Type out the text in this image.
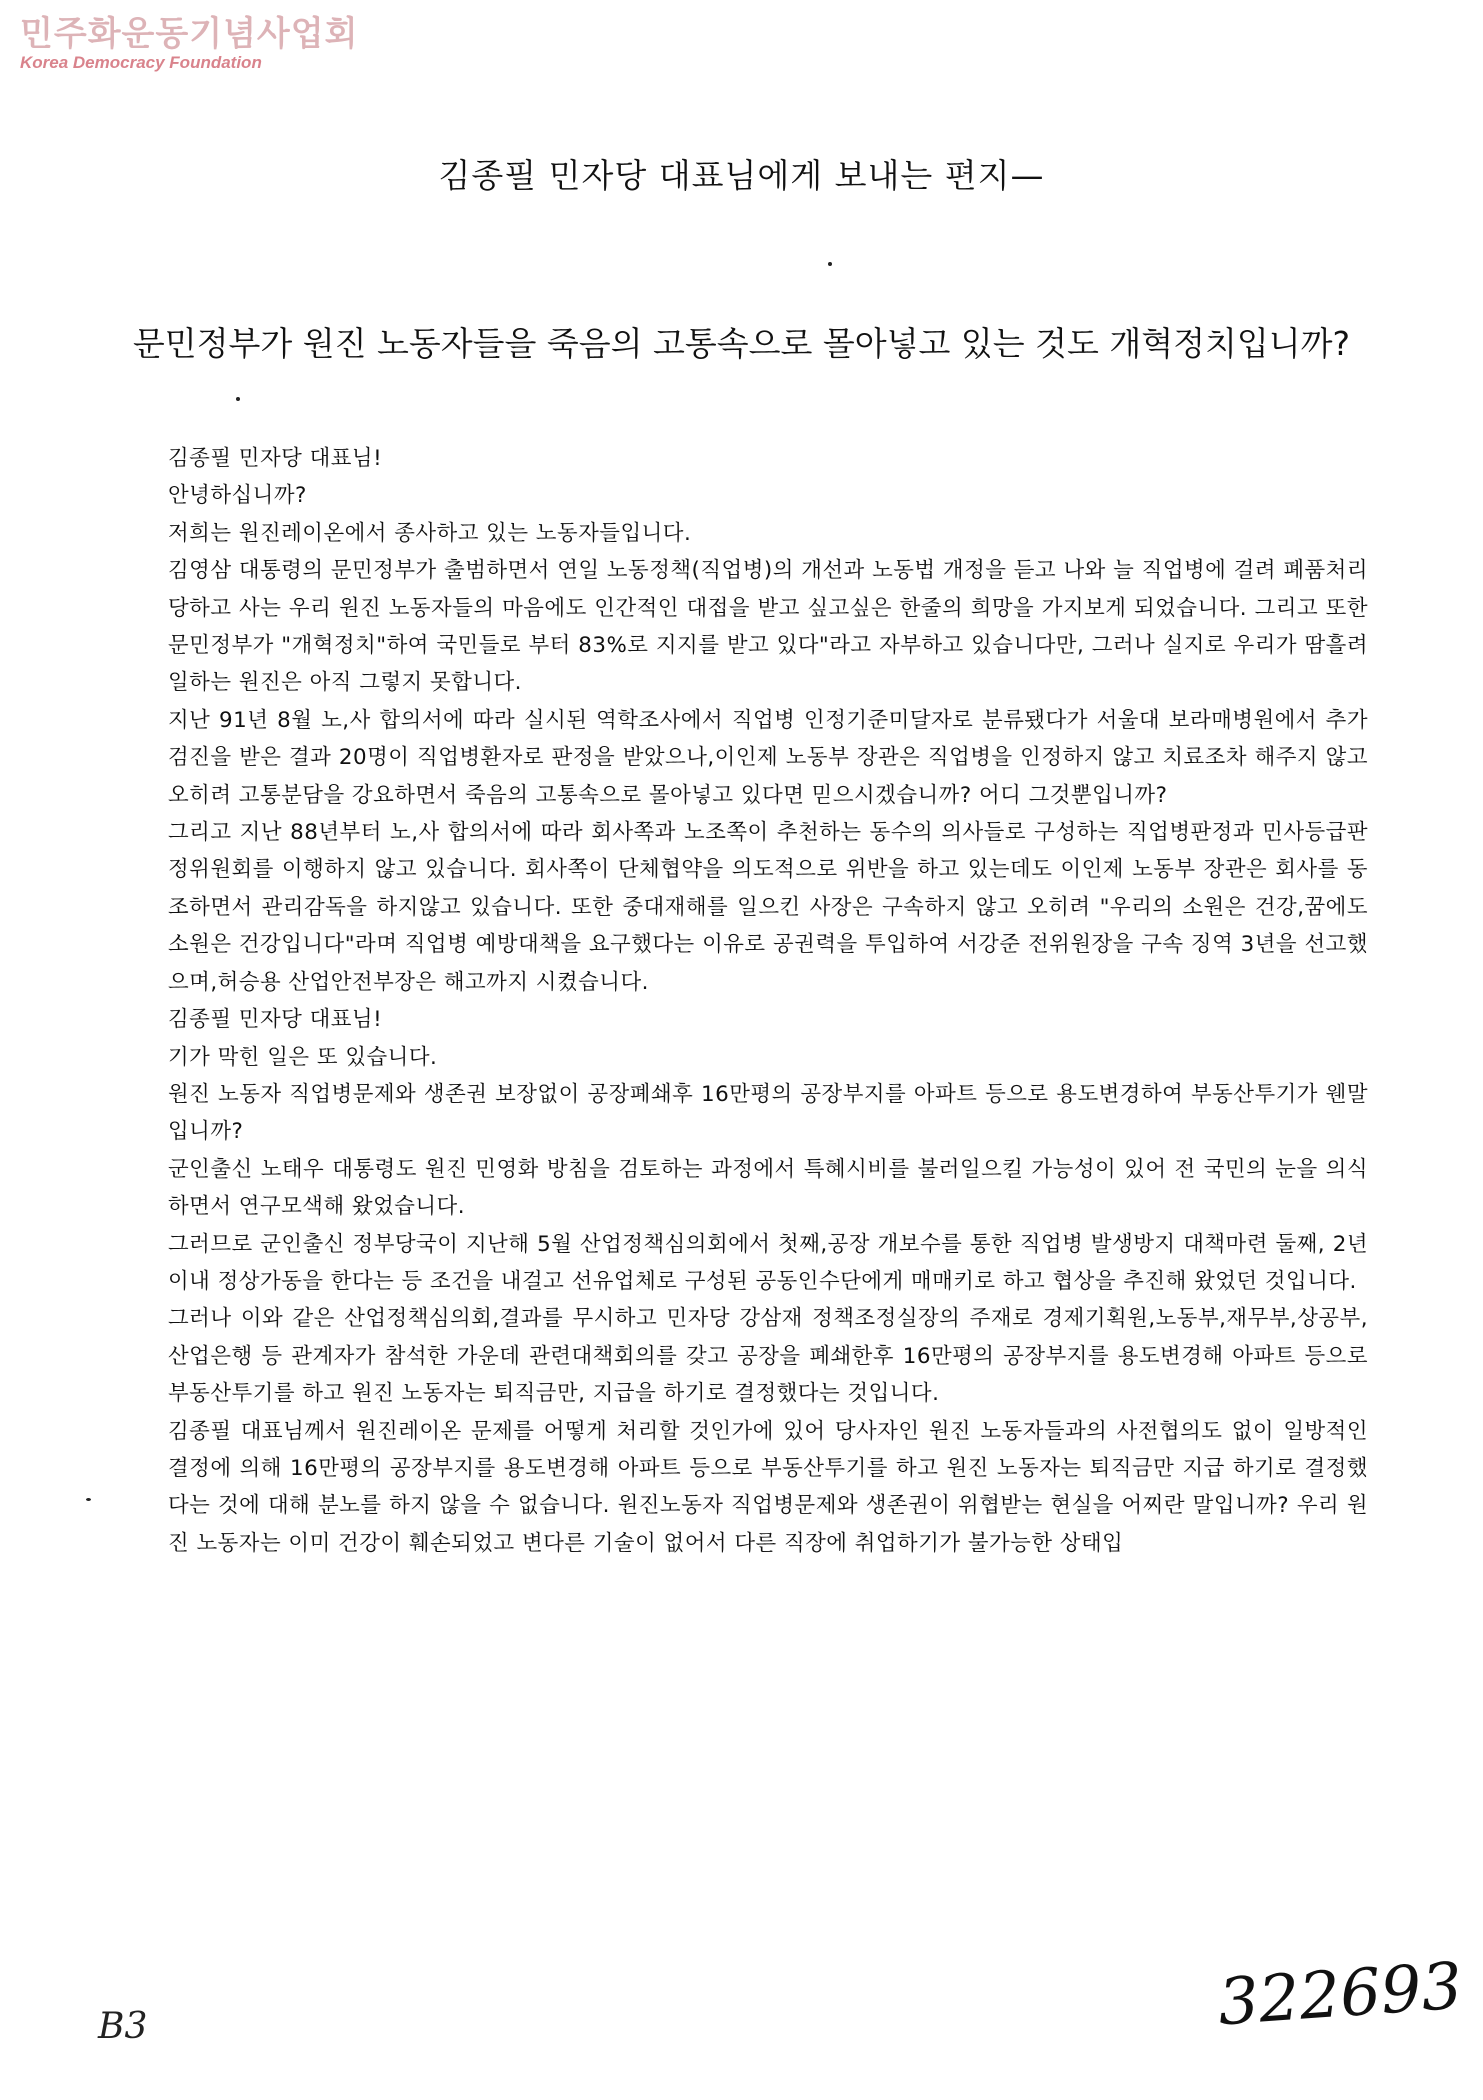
민주화운동기념사업회
Korea Democracy Foundation
김종필 민자당 대표님에게 보내는 편지—
문민정부가 원진 노동자들을 죽음의 고통속으로 몰아넣고 있는 것도 개혁정치입니까?

김종필 민자당 대표님!

안녕하십니까?

저희는 원진레이온에서 종사하고 있는 노동자들입니다.

김영삼 대통령의 문민정부가 출범하면서 연일 노동정책(직업병)의 개선과 노동법 개정을 듣고 나와 늘 직업병에 걸려 폐품처리 당하고 사는 우리 원진 노동자들의 마음에도 인간적인 대접을 받고 싶고싶은 한줄의 희망을 가지보게 되었습니다. 그리고 또한 문민정부가 "개혁정치"하여 국민들로 부터 83%로 지지를 받고 있다"라고 자부하고 있습니다만, 그러나 실지로 우리가 땀흘려 일하는 원진은 아직 그렇지 못합니다.

지난 91년 8월 노,사 합의서에 따라 실시된 역학조사에서 직업병 인정기준미달자로 분류됐다가 서울대 보라매병원에서 추가검진을 받은 결과 20명이 직업병환자로 판정을 받았으나,이인제 노동부 장관은 직업병을 인정하지 않고 치료조차 해주지 않고 오히려 고통분담을 강요하면서 죽음의 고통속으로 몰아넣고 있다면 믿으시겠습니까? 어디 그것뿐입니까?

그리고 지난 88년부터 노,사 합의서에 따라 회사쪽과 노조쪽이 추천하는 동수의 의사들로 구성하는 직업병판정과 민사등급판정위원회를 이행하지 않고 있습니다. 회사쪽이 단체협약을 의도적으로 위반을 하고 있는데도 이인제 노동부 장관은 회사를 동조하면서 관리감독을 하지않고 있습니다. 또한 중대재해를 일으킨 사장은 구속하지 않고 오히려 "우리의 소원은 건강,꿈에도 소원은 건강입니다"라며 직업병 예방대책을 요구했다는 이유로 공권력을 투입하여 서강준 전위원장을 구속 징역 3년을 선고했으며,허승용 산업안전부장은 해고까지 시켰습니다.

김종필 민자당 대표님!

기가 막힌 일은 또 있습니다.

원진 노동자 직업병문제와 생존권 보장없이 공장폐쇄후 16만평의 공장부지를 아파트 등으로 용도변경하여 부동산투기가 웬말입니까?

군인출신 노태우 대통령도 원진 민영화 방침을 검토하는 과정에서 특혜시비를 불러일으킬 가능성이 있어 전 국민의 눈을 의식하면서 연구모색해 왔었습니다.

그러므로 군인출신 정부당국이 지난해 5월 산업정책심의회에서 첫째,공장 개보수를 통한 직업병 발생방지 대책마련 둘째, 2년이내 정상가동을 한다는 등 조건을 내걸고 선유업체로 구성된 공동인수단에게 매매키로 하고 협상을 추진해 왔었던 것입니다.

그러나 이와 같은 산업정책심의회,결과를 무시하고 민자당 강삼재 정책조정실장의 주재로 경제기획원,노동부,재무부,상공부,산업은행 등 관계자가 참석한 가운데 관련대책회의를 갖고 공장을 폐쇄한후 16만평의 공장부지를 용도변경해 아파트 등으로 부동산투기를 하고 원진 노동자는 퇴직금만, 지급을 하기로 결정했다는 것입니다.

김종필 대표님께서 원진레이온 문제를 어떻게 처리할 것인가에 있어 당사자인 원진 노동자들과의 사전협의도 없이 일방적인 결정에 의해 16만평의 공장부지를 용도변경해 아파트 등으로 부동산투기를 하고 원진 노동자는 퇴직금만 지급 하기로 결정했다는 것에 대해 분노를 하지 않을 수 없습니다. 원진노동자 직업병문제와 생존권이 위협받는 현실을 어찌란 말입니까? 우리 원진 노동자는 이미 건강이 훼손되었고 변다른 기술이 없어서 다른 직장에 취업하기가 불가능한 상태입

322693
B3
